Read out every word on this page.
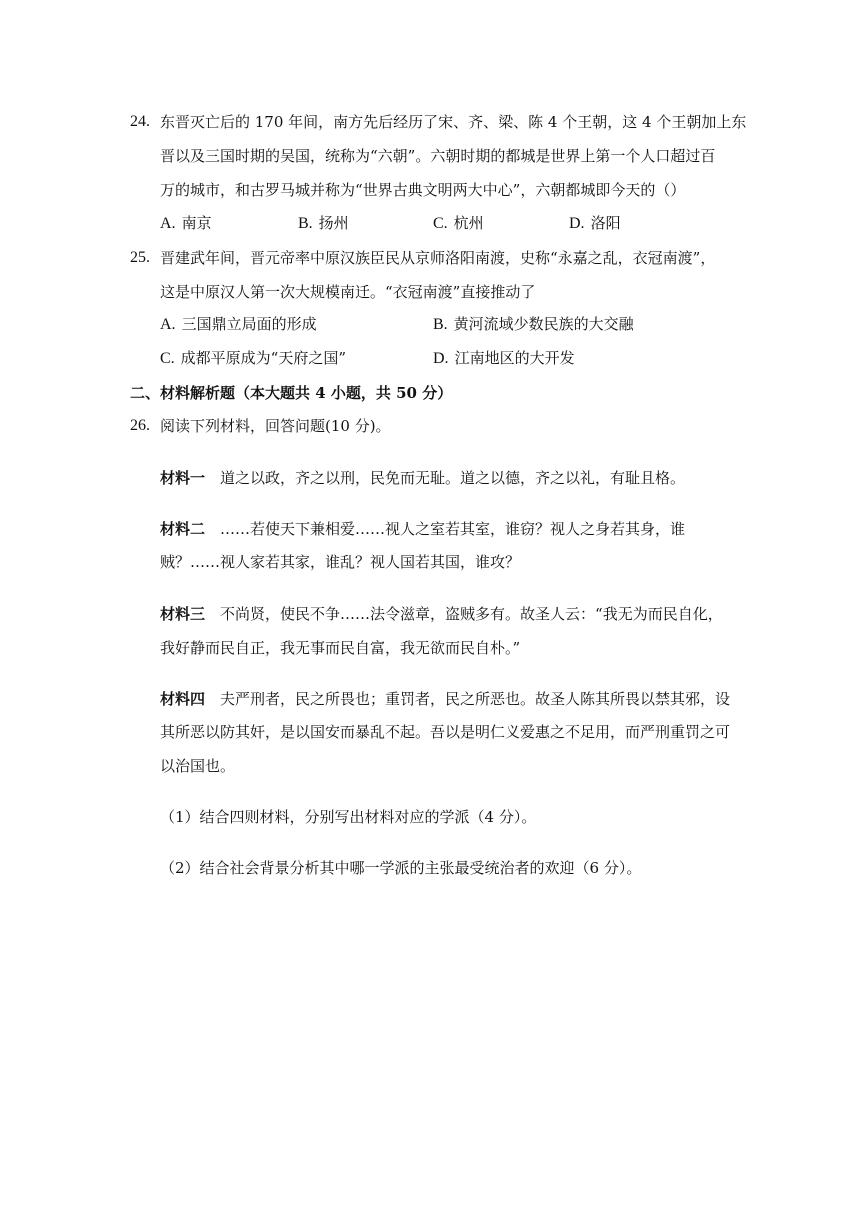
24. 东晋灭亡后的 170 年间，南方先后经历了宋、齐、梁、陈 4 个王朝，这 4 个王朝加上东
晋以及三国时期的吴国，统称为“六朝”。六朝时期的都城是世界上第一个人口超过百
万的城市，和古罗马城并称为“世界古典文明两大中心”，六朝都城即今天的（）
A. 南京	B. 扬州	C. 杭州	D. 洛阳
25. 晋建武年间，晋元帝率中原汉族臣民从京师洛阳南渡，史称“永嘉之乱，衣冠南渡”，
这是中原汉人第一次大规模南迁。“衣冠南渡”直接推动了
A. 三国鼎立局面的形成	B. 黄河流域少数民族的大交融
C. 成都平原成为“天府之国”	D. 江南地区的大开发
二、材料解析题（本大题共 4 小题，共 50 分）
26. 阅读下列材料，回答问题(10 分)。
材料一　 道之以政，齐之以刑，民免而无耻。道之以德，齐之以礼，有耻且格。
材料二　 ……若使天下兼相爱……视人之室若其室，谁窃？视人之身若其身，谁
贼？……视人家若其家，谁乱？视人国若其国，谁攻？
材料三　 不尚贤，使民不争……法令滋章，盗贼多有。故圣人云：“我无为而民自化，
我好静而民自正，我无事而民自富，我无欲而民自朴。”
材料四　 夫严刑者，民之所畏也；重罚者，民之所恶也。故圣人陈其所畏以禁其邪，设
其所恶以防其奸，是以国安而暴乱不起。吾以是明仁义爱惠之不足用，而严刑重罚之可
以治国也。
（1）结合四则材料，分别写出材料对应的学派（4 分）。
（2）结合社会背景分析其中哪一学派的主张最受统治者的欢迎（6 分）。
